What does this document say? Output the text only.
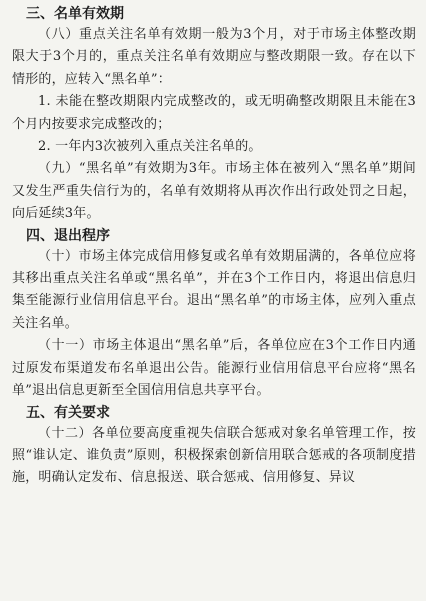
三、名单有效期

（八）重点关注名单有效期一般为3个月，对于市场主体整改期限大于3个月的，重点关注名单有效期应与整改期限一致。存在以下情形的，应转入“黑名单”：

1. 未能在整改期限内完成整改的，或无明确整改期限且未能在3个月内按要求完成整改的；

2. 一年内3次被列入重点关注名单的。

（九）“黑名单”有效期为3年。市场主体在被列入“黑名单”期间又发生严重失信行为的，名单有效期将从再次作出行政处罚之日起，向后延续3年。

四、退出程序

（十）市场主体完成信用修复或名单有效期届满的，各单位应将其移出重点关注名单或“黑名单”，并在3个工作日内，将退出信息归集至能源行业信用信息平台。退出“黑名单”的市场主体，应列入重点关注名单。

（十一）市场主体退出“黑名单”后，各单位应在3个工作日内通过原发布渠道发布名单退出公告。能源行业信用信息平台应将“黑名单”退出信息更新至全国信用信息共享平台。

五、有关要求

（十二）各单位要高度重视失信联合惩戒对象名单管理工作，按照“谁认定、谁负责”原则，积极探索创新信用联合惩戒的各项制度措施，明确认定发布、信息报送、联合惩戒、信用修复、异议
